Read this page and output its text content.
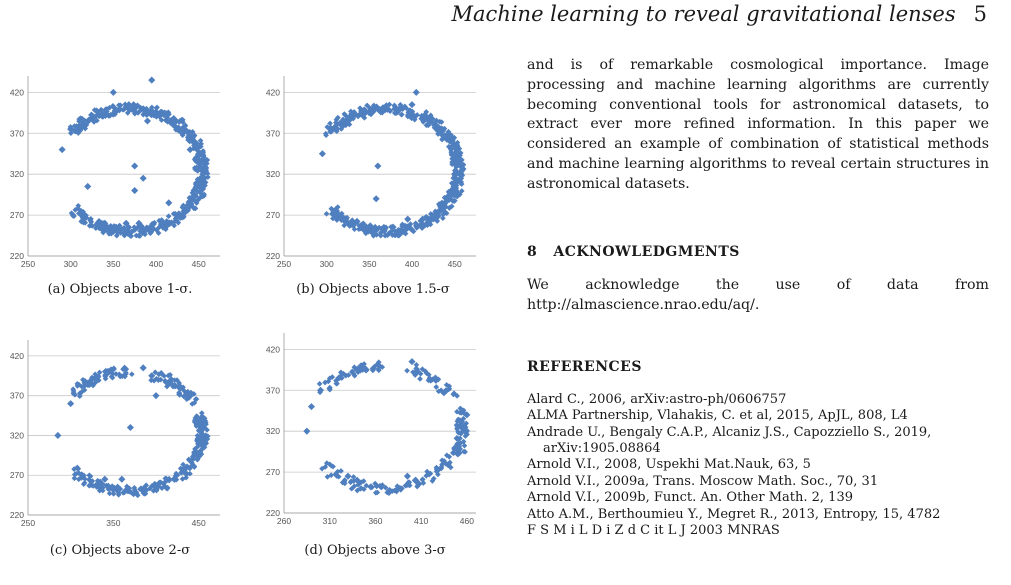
Machine learning to reveal gravitational lenses 5
220
270
320
370
420
250	300	350	400	450
(a) Objects above 1-σ.
220
270
320
370
420
250	300	350	400	450
(b) Objects above 1.5-σ
220
270
320
370
420
250	350	450
(c) Objects above 2-σ
220
270
320
370
420
260	310	360	410	460
(d) Objects above 3-σ

and is of remarkable cosmological importance. Image processing and machine learning algorithms are currently becoming conventional tools for astronomical datasets, to extract ever more refined information. In this paper we considered an example of combination of statistical methods and machine learning algorithms to reveal certain structures in astronomical datasets.

8   ACKNOWLEDGMENTS

We acknowledge the use of data from http://almascience.nrao.edu/aq/.

REFERENCES

Alard C., 2006, arXiv:astro-ph/0606757
ALMA Partnership, Vlahakis, C. et al, 2015, ApJL, 808, L4
Andrade U., Bengaly C.A.P., Alcaniz J.S., Capozziello S., 2019, arXiv:1905.08864
Arnold V.I., 2008, Uspekhi Mat.Nauk, 63, 5
Arnold V.I., 2009a, Trans. Moscow Math. Soc., 70, 31
Arnold V.I., 2009b, Funct. An. Other Math. 2, 139
Atto A.M., Berthoumieu Y., Megret R., 2013, Entropy, 15, 4782
F S M i L D i Z d C it L J 2003 MNRAS
